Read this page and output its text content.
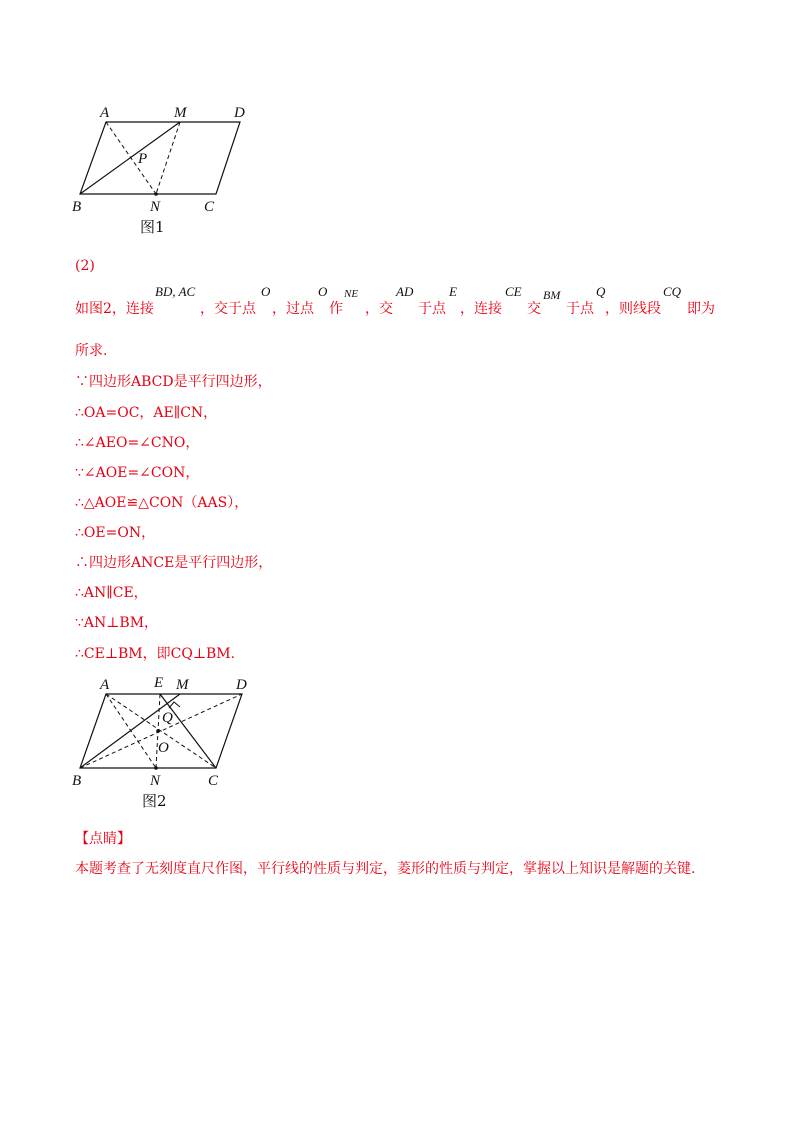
A	M	D
P
B	N	C
图1
(2)
如图2，连接
BD, AC
，交于点
O
，过点
O NE
作 ，交
AD
于点
E
，连接
CE
交
BM
于点
Q
，则线段
CQ
即为
所求.
∵四边形ABCD是平行四边形，
∴OA=OC，AE∥CN，
∴∠AEO=∠CNO，
∵∠AOE=∠CON，
∴△AOE≌△CON（AAS），
∴OE=ON，
∴四边形ANCE是平行四边形，
∴AN∥CE，
∵AN⊥BM，
∴CE⊥BM，即CQ⊥BM.
A	E M	D
Q
O
B	N	C
图2
【点睛】
本题考查了无刻度直尺作图，平行线的性质与判定，菱形的性质与判定，掌握以上知识是解题的关键.
